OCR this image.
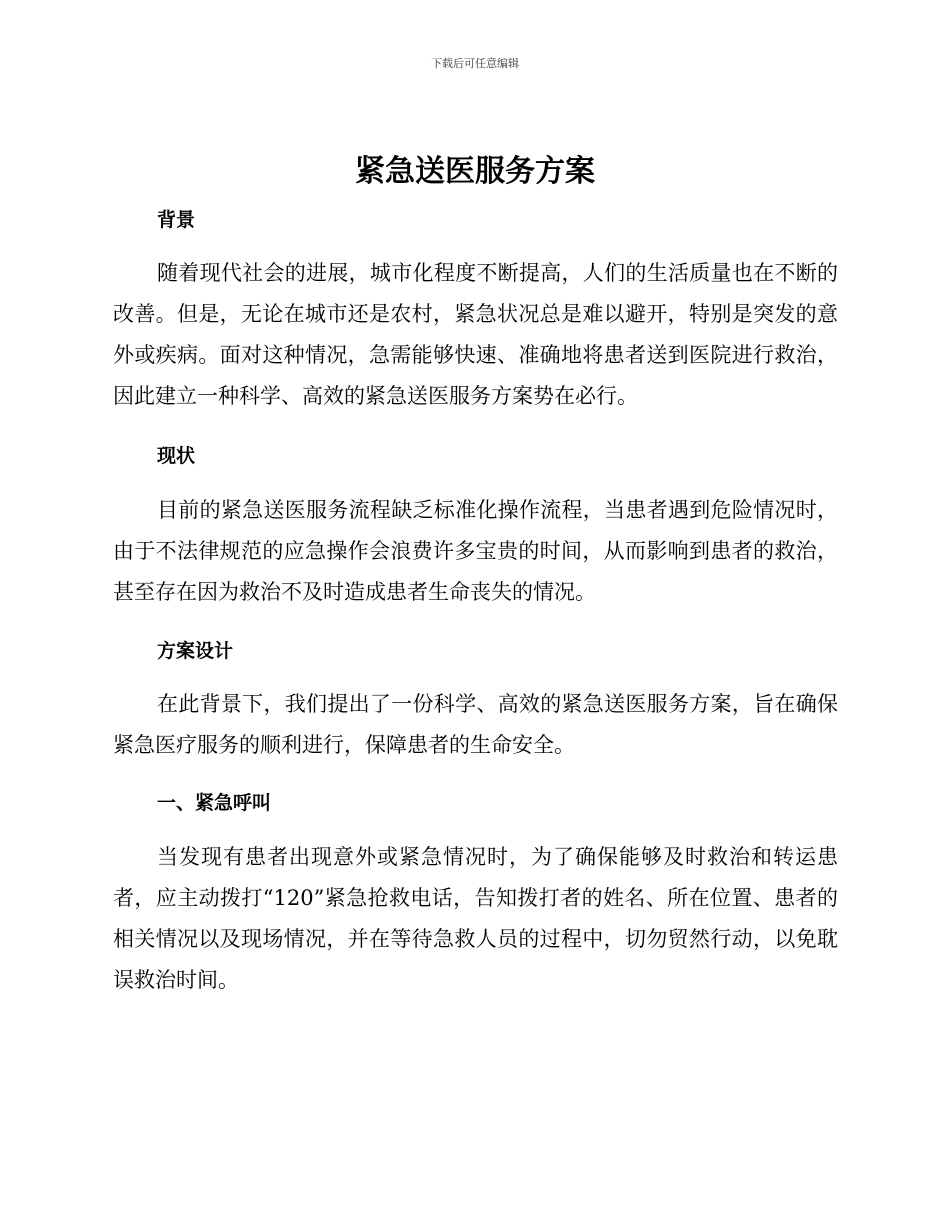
下载后可任意编辑
紧急送医服务方案
背景
随着现代社会的进展，城市化程度不断提高，人们的生活质量也在不断的改善。但是，无论在城市还是农村，紧急状况总是难以避开，特别是突发的意外或疾病。面对这种情况，急需能够快速、准确地将患者送到医院进行救治，因此建立一种科学、高效的紧急送医服务方案势在必行。
现状
目前的紧急送医服务流程缺乏标准化操作流程，当患者遇到危险情况时，由于不法律规范的应急操作会浪费许多宝贵的时间，从而影响到患者的救治，甚至存在因为救治不及时造成患者生命丧失的情况。
方案设计
在此背景下，我们提出了一份科学、高效的紧急送医服务方案，旨在确保紧急医疗服务的顺利进行，保障患者的生命安全。
一、紧急呼叫
当发现有患者出现意外或紧急情况时，为了确保能够及时救治和转运患者，应主动拨打“120”紧急抢救电话，告知拨打者的姓名、所在位置、患者的相关情况以及现场情况，并在等待急救人员的过程中，切勿贸然行动，以免耽误救治时间。
